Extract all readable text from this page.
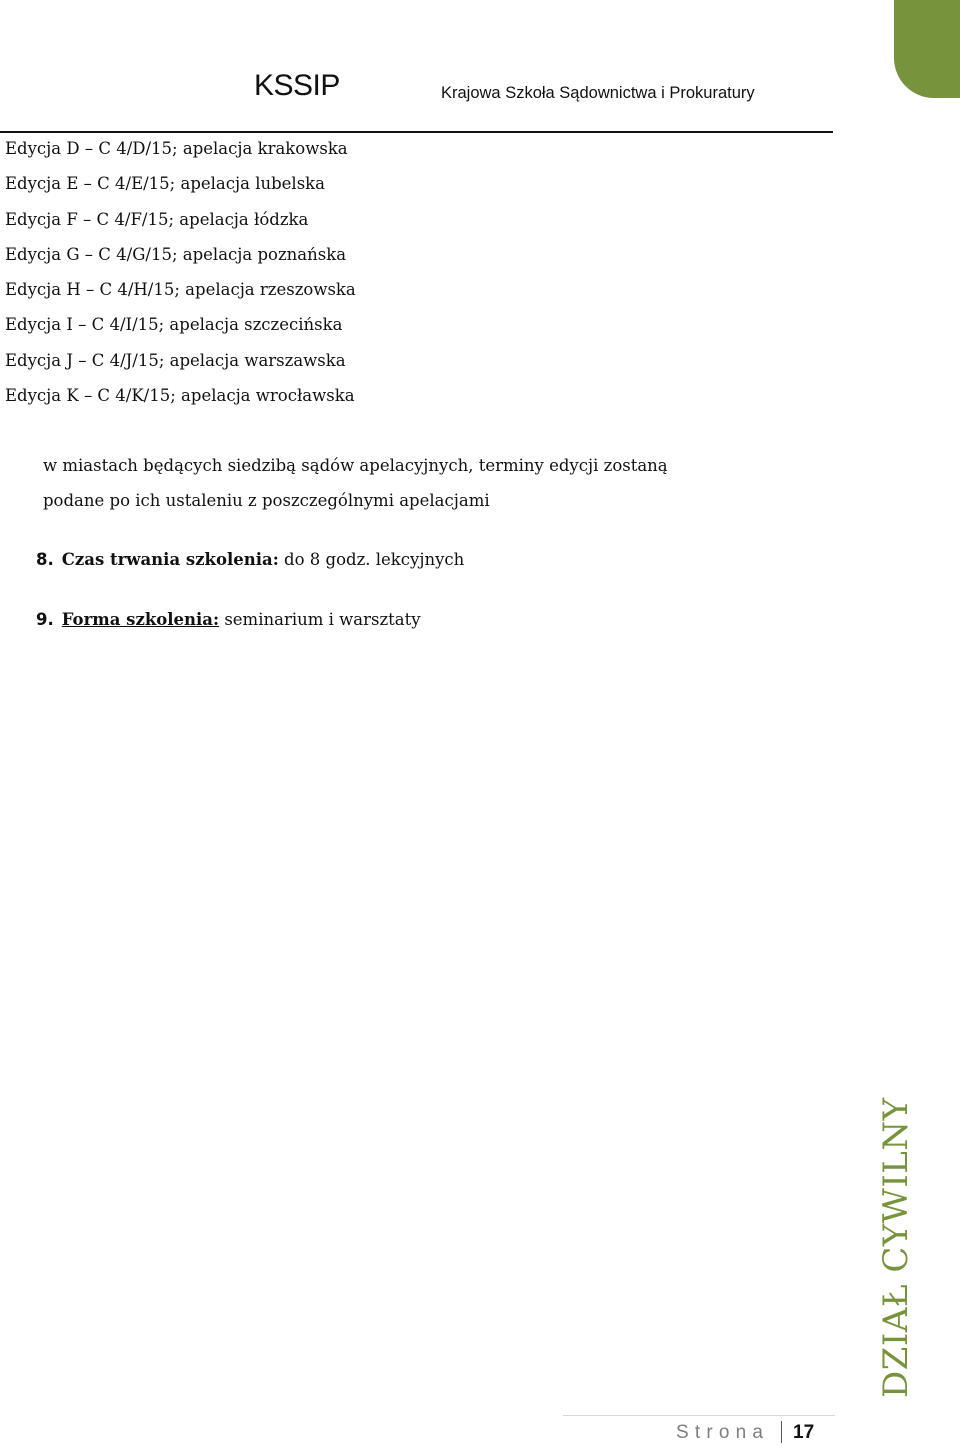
KSSIP	Krajowa Szkoła Sądownictwa i Prokuratury
Edycja D – C 4/D/15; apelacja krakowska
Edycja E – C 4/E/15; apelacja lubelska
Edycja F – C 4/F/15; apelacja łódzka
Edycja G – C 4/G/15; apelacja poznańska
Edycja H – C 4/H/15; apelacja rzeszowska
Edycja I – C 4/I/15; apelacja szczecińska
Edycja J – C 4/J/15; apelacja warszawska
Edycja K – C 4/K/15; apelacja wrocławska
w miastach będących siedzibą sądów apelacyjnych, terminy edycji zostaną
podane po ich ustaleniu z poszczególnymi apelacjami
8. Czas trwania szkolenia: do 8 godz. lekcyjnych
9. Forma szkolenia: seminarium i warsztaty
DZIAŁ CYWILNY
Strona 17
